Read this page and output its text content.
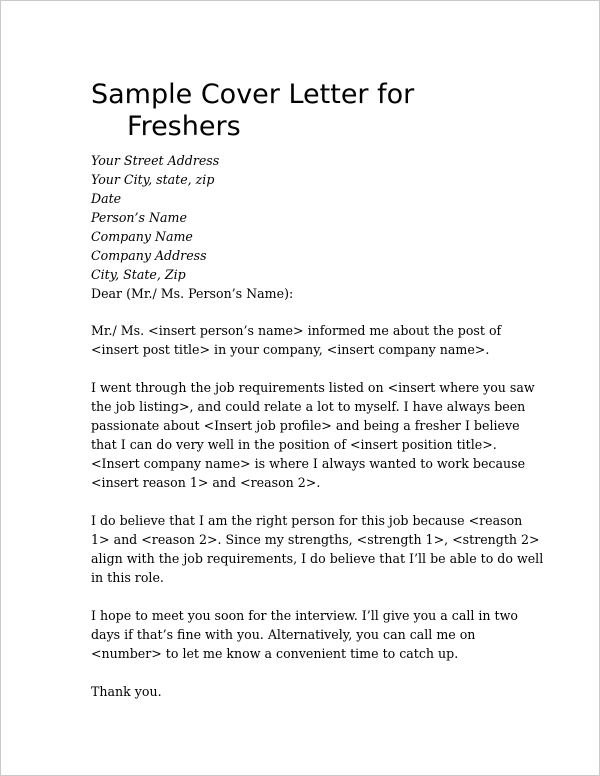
Sample Cover Letter for
Freshers
Your Street Address
Your City, state, zip
Date
Person’s Name
Company Name
Company Address
City, State, Zip
Dear (Mr./ Ms. Person’s Name):

Mr./ Ms. <insert person’s name> informed me about the post of
<insert post title> in your company, <insert company name>.

I went through the job requirements listed on <insert where you saw
the job listing>, and could relate a lot to myself. I have always been
passionate about <Insert job profile> and being a fresher I believe
that I can do very well in the position of <insert position title>.
<Insert company name> is where I always wanted to work because
<insert reason 1> and <reason 2>.

I do believe that I am the right person for this job because <reason
1> and <reason 2>. Since my strengths, <strength 1>, <strength 2>
align with the job requirements, I do believe that I’ll be able to do well
in this role.

I hope to meet you soon for the interview. I’ll give you a call in two
days if that’s fine with you. Alternatively, you can call me on
<number> to let me know a convenient time to catch up.

Thank you.
